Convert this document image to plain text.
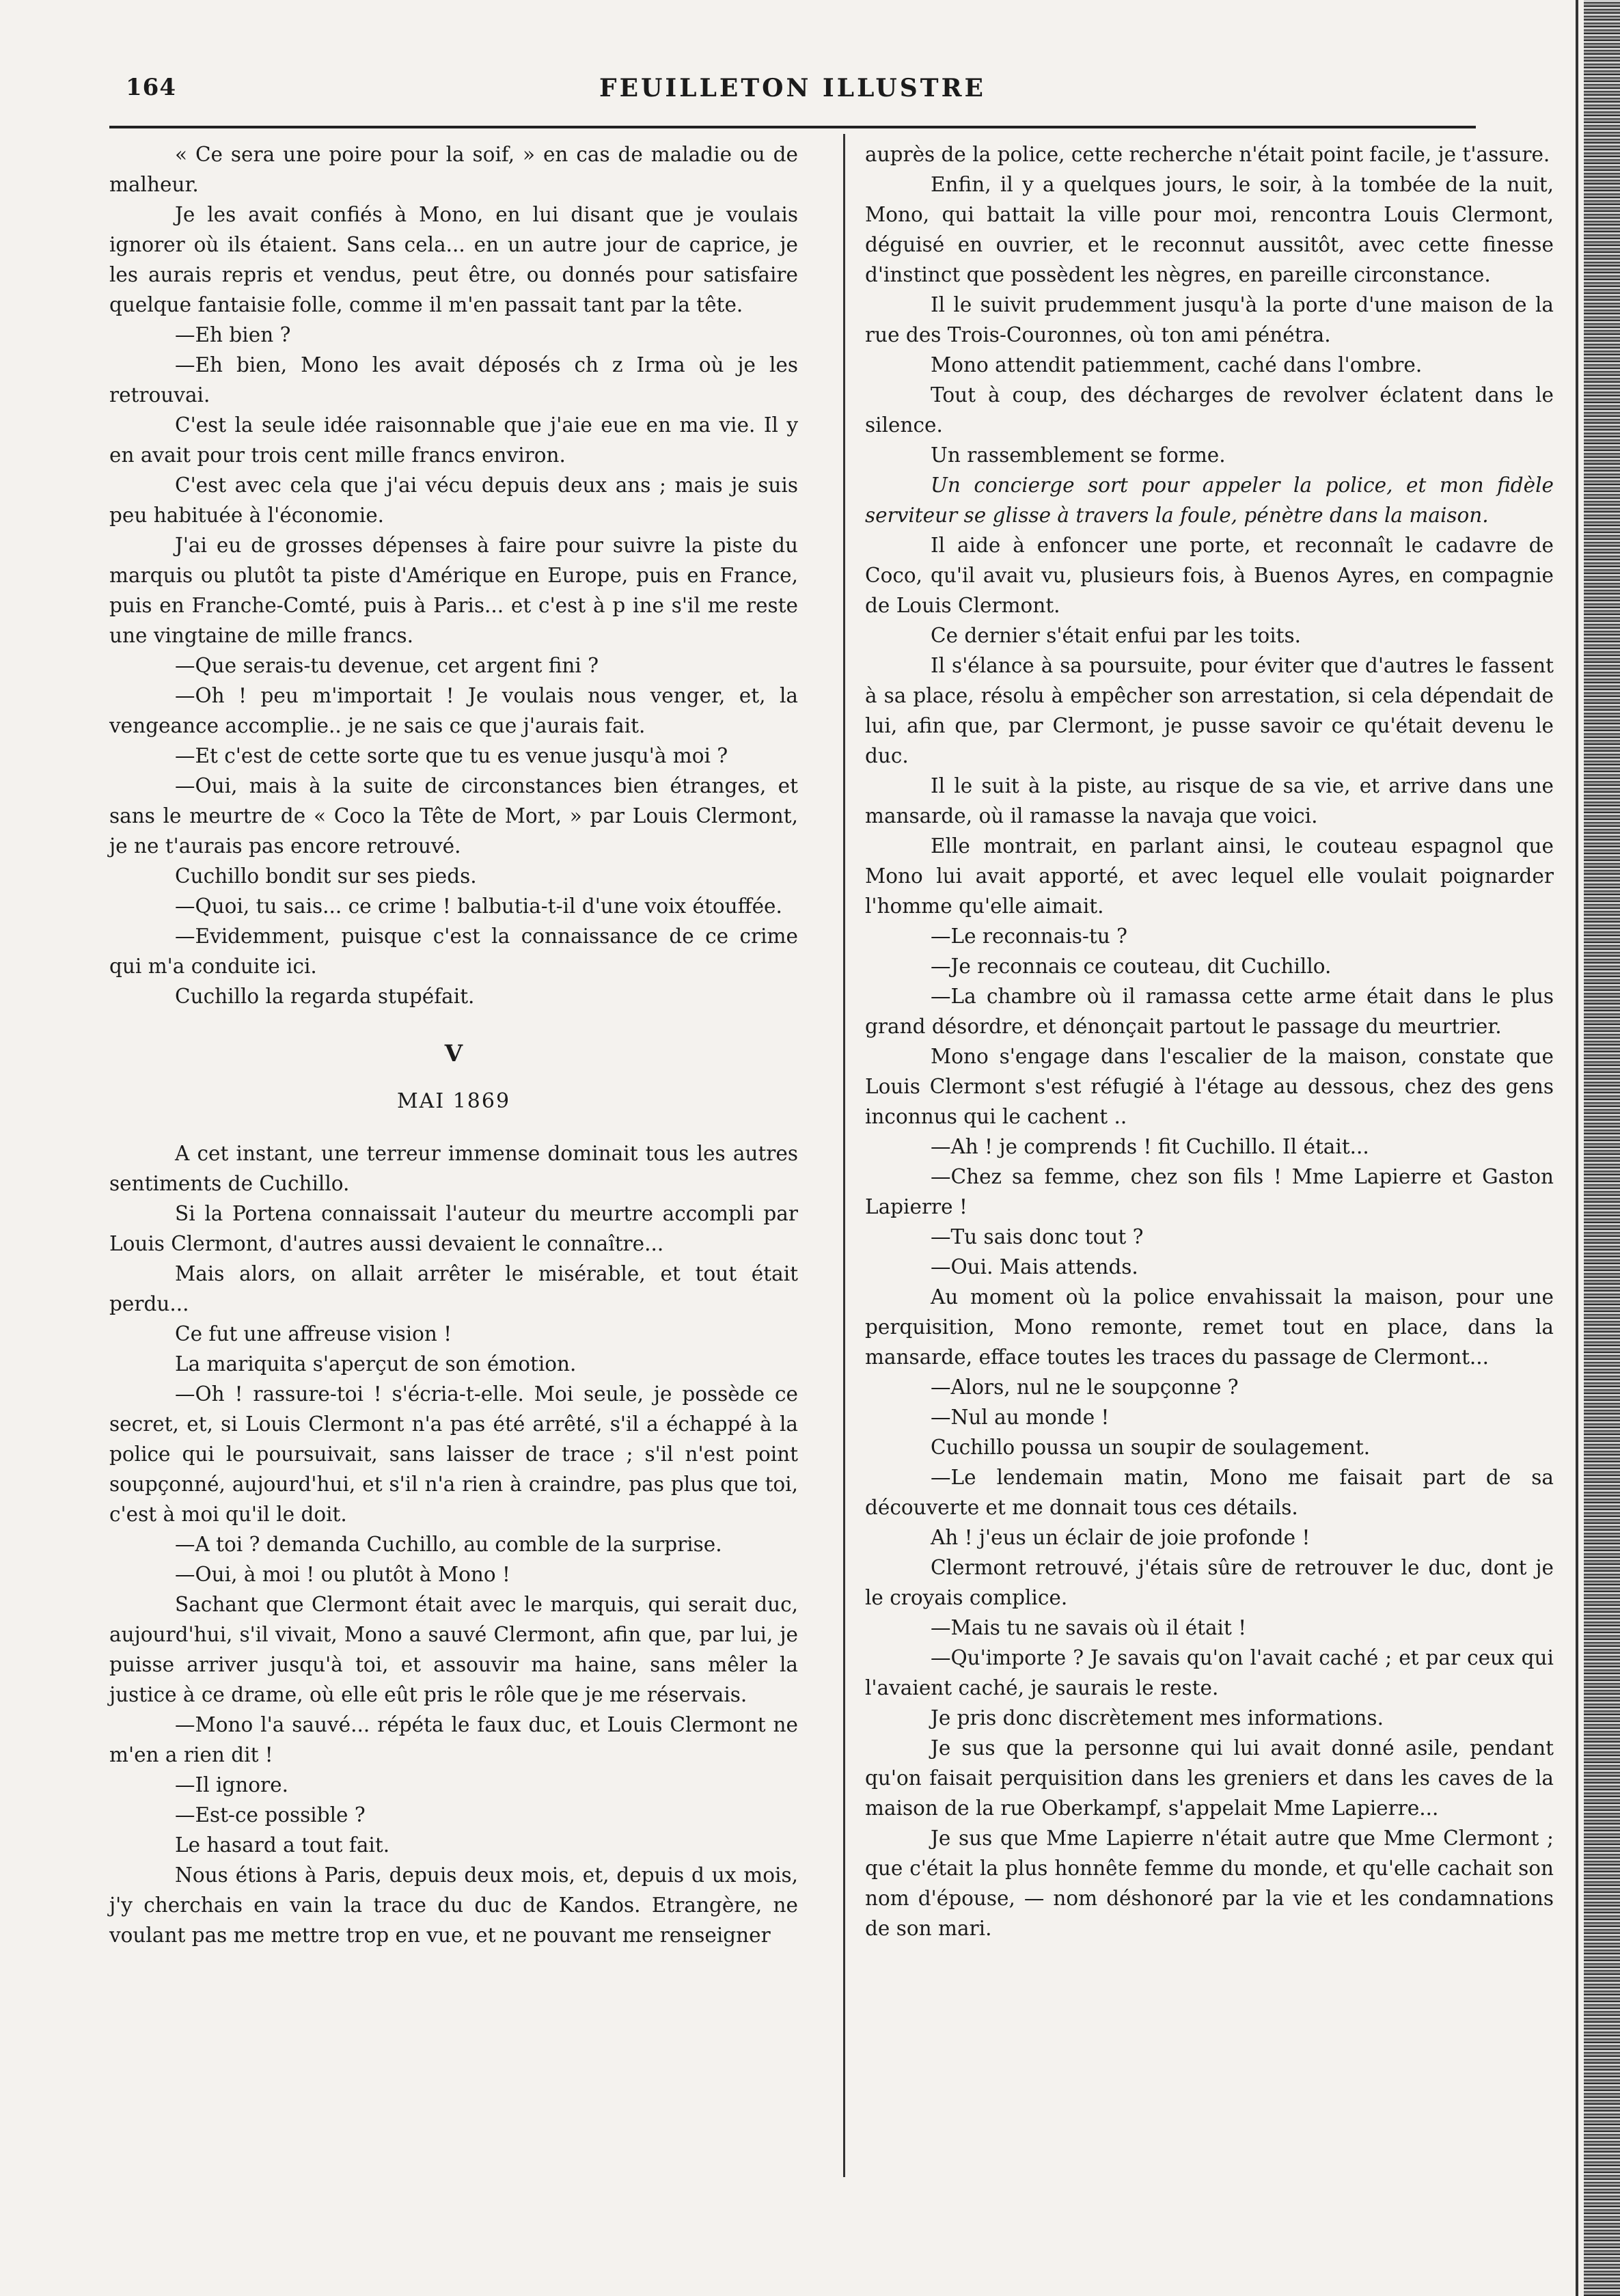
164	FEUILLETON ILLUSTRE

« Ce sera une poire pour la soif, » en cas de maladie ou de malheur.

Je les avait confiés à Mono, en lui disant que je voulais ignorer où ils étaient. Sans cela... en un autre jour de caprice, je les aurais repris et vendus, peut être, ou donnés pour satisfaire quelque fantaisie folle, comme il m'en passait tant par la tête.

—Eh bien ?

—Eh bien, Mono les avait déposés ch z Irma où je les retrouvai.

C'est la seule idée raisonnable que j'aie eue en ma vie. Il y en avait pour trois cent mille francs environ.

C'est avec cela que j'ai vécu depuis deux ans ; mais je suis peu habituée à l'économie.

J'ai eu de grosses dépenses à faire pour suivre la piste du marquis ou plutôt ta piste d'Amérique en Europe, puis en France, puis en Franche-Comté, puis à Paris... et c'est à p ine s'il me reste une vingtaine de mille francs.

—Que serais-tu devenue, cet argent fini ?

—Oh ! peu m'importait ! Je voulais nous venger, et, la vengeance accomplie.. je ne sais ce que j'aurais fait.

—Et c'est de cette sorte que tu es venue jusqu'à moi ?

—Oui, mais à la suite de circonstances bien étranges, et sans le meurtre de « Coco la Tête de Mort, » par Louis Clermont, je ne t'aurais pas encore retrouvé.

Cuchillo bondit sur ses pieds.

—Quoi, tu sais... ce crime ! balbutia-t-il d'une voix étouffée.

—Evidemment, puisque c'est la connaissance de ce crime qui m'a conduite ici.

Cuchillo la regarda stupéfait.

V
MAI 1869

A cet instant, une terreur immense dominait tous les autres sentiments de Cuchillo.

Si la Portena connaissait l'auteur du meurtre accompli par Louis Clermont, d'autres aussi devaient le connaître...

Mais alors, on allait arrêter le misérable, et tout était perdu...

Ce fut une affreuse vision !

La mariquita s'aperçut de son émotion.

—Oh ! rassure-toi ! s'écria-t-elle. Moi seule, je possède ce secret, et, si Louis Clermont n'a pas été arrêté, s'il a échappé à la police qui le poursuivait, sans laisser de trace ; s'il n'est point soupçonné, aujourd'hui, et s'il n'a rien à craindre, pas plus que toi, c'est à moi qu'il le doit.

—A toi ? demanda Cuchillo, au comble de la surprise.

—Oui, à moi ! ou plutôt à Mono !

Sachant que Clermont était avec le marquis, qui serait duc, aujourd'hui, s'il vivait, Mono a sauvé Clermont, afin que, par lui, je puisse arriver jusqu'à toi, et assouvir ma haine, sans mêler la justice à ce drame, où elle eût pris le rôle que je me réservais.

—Mono l'a sauvé... répéta le faux duc, et Louis Clermont ne m'en a rien dit !

—Il ignore.

—Est-ce possible ?

Le hasard a tout fait.

Nous étions à Paris, depuis deux mois, et, depuis d ux mois, j'y cherchais en vain la trace du duc de Kandos. Etrangère, ne voulant pas me mettre trop en vue, et ne pouvant me renseigner

auprès de la police, cette recherche n'était point facile, je t'assure.

Enfin, il y a quelques jours, le soir, à la tombée de la nuit, Mono, qui battait la ville pour moi, rencontra Louis Clermont, déguisé en ouvrier, et le reconnut aussitôt, avec cette finesse d'instinct que possèdent les nègres, en pareille circonstance.

Il le suivit prudemment jusqu'à la porte d'une maison de la rue des Trois-Couronnes, où ton ami pénétra.

Mono attendit patiemment, caché dans l'ombre.

Tout à coup, des décharges de revolver éclatent dans le silence.

Un rassemblement se forme.

Un concierge sort pour appeler la police, et mon fidèle serviteur se glisse à travers la foule, pénètre dans la maison.

Il aide à enfoncer une porte, et reconnaît le cadavre de Coco, qu'il avait vu, plusieurs fois, à Buenos Ayres, en compagnie de Louis Clermont.

Ce dernier s'était enfui par les toits.

Il s'élance à sa poursuite, pour éviter que d'autres le fassent à sa place, résolu à empêcher son arrestation, si cela dépendait de lui, afin que, par Clermont, je pusse savoir ce qu'était devenu le duc.

Il le suit à la piste, au risque de sa vie, et arrive dans une mansarde, où il ramasse la navaja que voici.

Elle montrait, en parlant ainsi, le couteau espagnol que Mono lui avait apporté, et avec lequel elle voulait poignarder l'homme qu'elle aimait.

—Le reconnais-tu ?

—Je reconnais ce couteau, dit Cuchillo.

—La chambre où il ramassa cette arme était dans le plus grand désordre, et dénonçait partout le passage du meurtrier.

Mono s'engage dans l'escalier de la maison, constate que Louis Clermont s'est réfugié à l'étage au dessous, chez des gens inconnus qui le cachent ..

—Ah ! je comprends ! fit Cuchillo. Il était...

—Chez sa femme, chez son fils ! Mme Lapierre et Gaston Lapierre !

—Tu sais donc tout ?

—Oui. Mais attends.

Au moment où la police envahissait la maison, pour une perquisition, Mono remonte, remet tout en place, dans la mansarde, efface toutes les traces du passage de Clermont...

—Alors, nul ne le soupçonne ?

—Nul au monde !

Cuchillo poussa un soupir de soulagement.

—Le lendemain matin, Mono me faisait part de sa découverte et me donnait tous ces détails.

Ah ! j'eus un éclair de joie profonde !

Clermont retrouvé, j'étais sûre de retrouver le duc, dont je le croyais complice.

—Mais tu ne savais où il était !

—Qu'importe ? Je savais qu'on l'avait caché ; et par ceux qui l'avaient caché, je saurais le reste.

Je pris donc discrètement mes informations.

Je sus que la personne qui lui avait donné asile, pendant qu'on faisait perquisition dans les greniers et dans les caves de la maison de la rue Oberkampf, s'appelait Mme Lapierre...

Je sus que Mme Lapierre n'était autre que Mme Clermont ; que c'était la plus honnête femme du monde, et qu'elle cachait son nom d'épouse, — nom déshonoré par la vie et les condamnations de son mari.
